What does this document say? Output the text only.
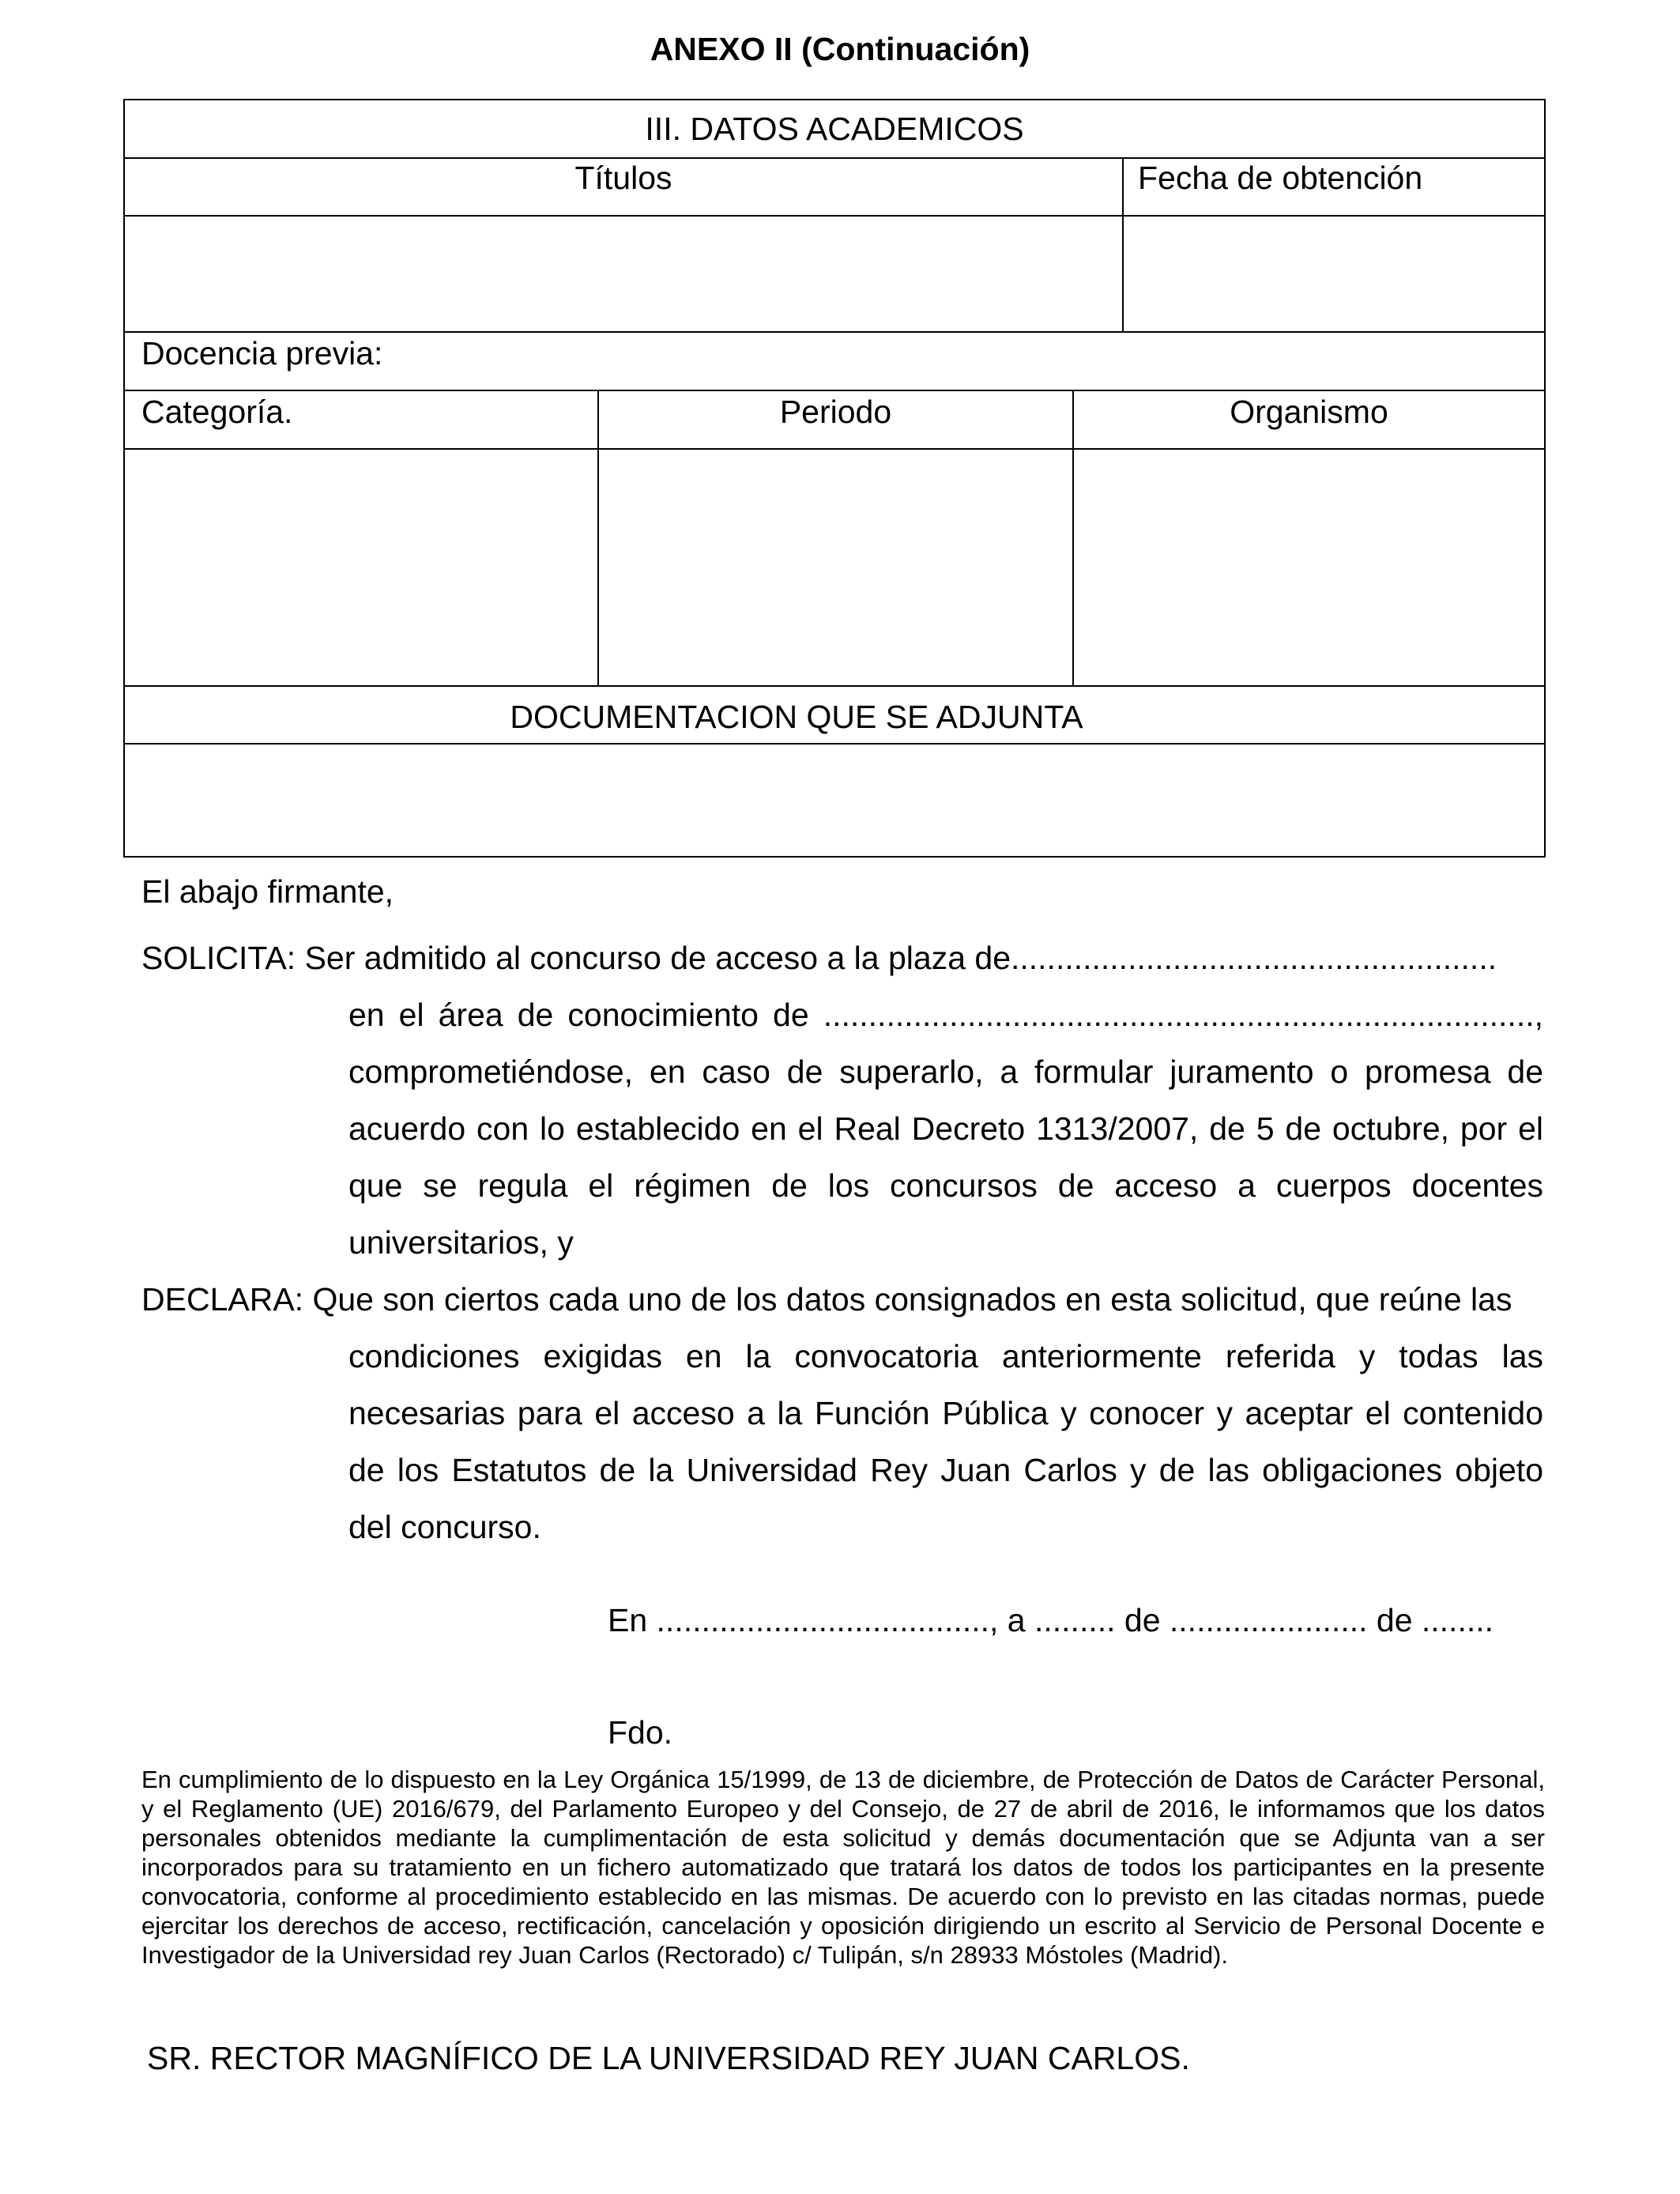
ANEXO II (Continuación)
III. DATOS ACADEMICOS
Títulos	Fecha de obtención
Docencia previa:
Categoría.	Periodo	Organismo
DOCUMENTACION QUE SE ADJUNTA
El abajo firmante,
SOLICITA: Ser admitido al concurso de acceso a la plaza de......................................................
en el área de conocimiento de ..............................................................................., comprometiéndose, en caso de superarlo, a formular juramento o promesa de acuerdo con lo establecido en el Real Decreto 1313/2007, de 5 de octubre, por el que se regula el régimen de los concursos de acceso a cuerpos docentes universitarios, y
DECLARA: Que son ciertos cada uno de los datos consignados en esta solicitud, que reúne las
condiciones exigidas en la convocatoria anteriormente referida y todas las necesarias para el acceso a la Función Pública y conocer y aceptar el contenido de los Estatutos de la Universidad Rey Juan Carlos y de las obligaciones objeto del concurso.
En ....................................., a ......... de ...................... de ........
Fdo.
En cumplimiento de lo dispuesto en la Ley Orgánica 15/1999, de 13 de diciembre, de Protección de Datos de Carácter Personal, y el Reglamento (UE) 2016/679, del Parlamento Europeo y del Consejo, de 27 de abril de 2016, le informamos que los datos personales obtenidos mediante la cumplimentación de esta solicitud y demás documentación que se Adjunta van a ser incorporados para su tratamiento en un fichero automatizado que tratará los datos de todos los participantes en la presente convocatoria, conforme al procedimiento establecido en las mismas. De acuerdo con lo previsto en las citadas normas, puede ejercitar los derechos de acceso, rectificación, cancelación y oposición dirigiendo un escrito al Servicio de Personal Docente e Investigador de la Universidad rey Juan Carlos (Rectorado) c/ Tulipán, s/n 28933 Móstoles (Madrid).
SR. RECTOR MAGNÍFICO DE LA UNIVERSIDAD REY JUAN CARLOS.
